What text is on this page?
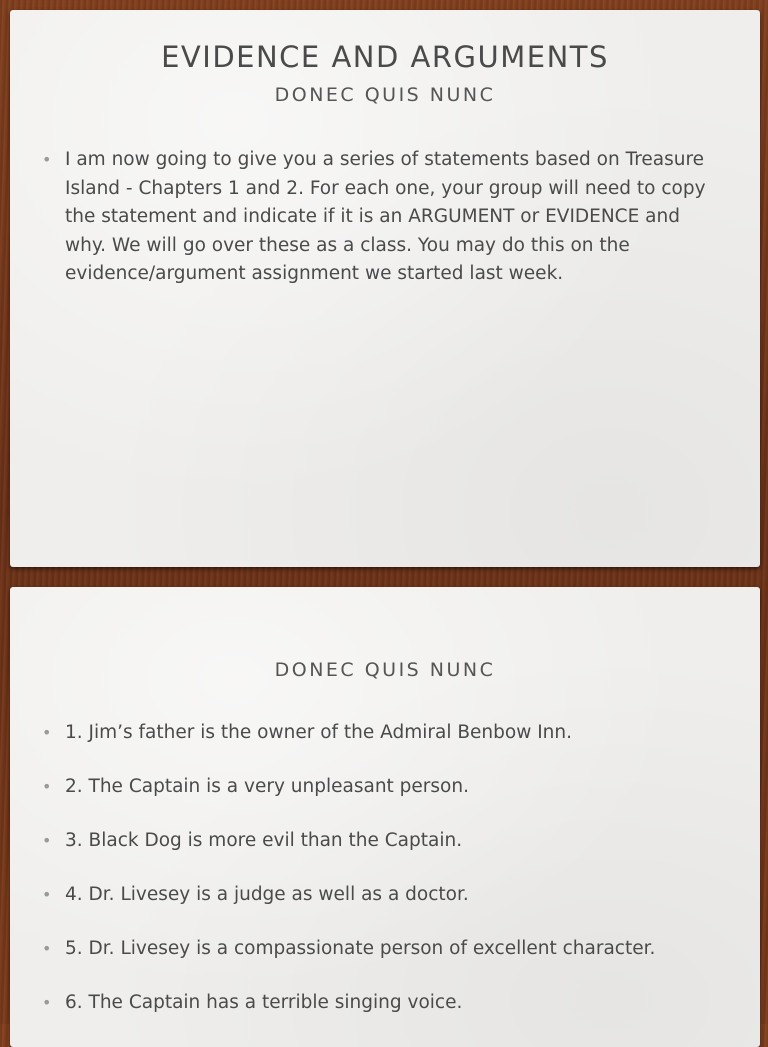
EVIDENCE AND ARGUMENTS
DONEC QUIS NUNC
• I am now going to give you a series of statements based on Treasure Island - Chapters 1 and 2. For each one, your group will need to copy the statement and indicate if it is an ARGUMENT or EVIDENCE and why. We will go over these as a class. You may do this on the evidence/argument assignment we started last week.
DONEC QUIS NUNC
• 1. Jim’s father is the owner of the Admiral Benbow Inn.
• 2. The Captain is a very unpleasant person.
• 3. Black Dog is more evil than the Captain.
• 4. Dr. Livesey is a judge as well as a doctor.
• 5. Dr. Livesey is a compassionate person of excellent character.
• 6. The Captain has a terrible singing voice.
